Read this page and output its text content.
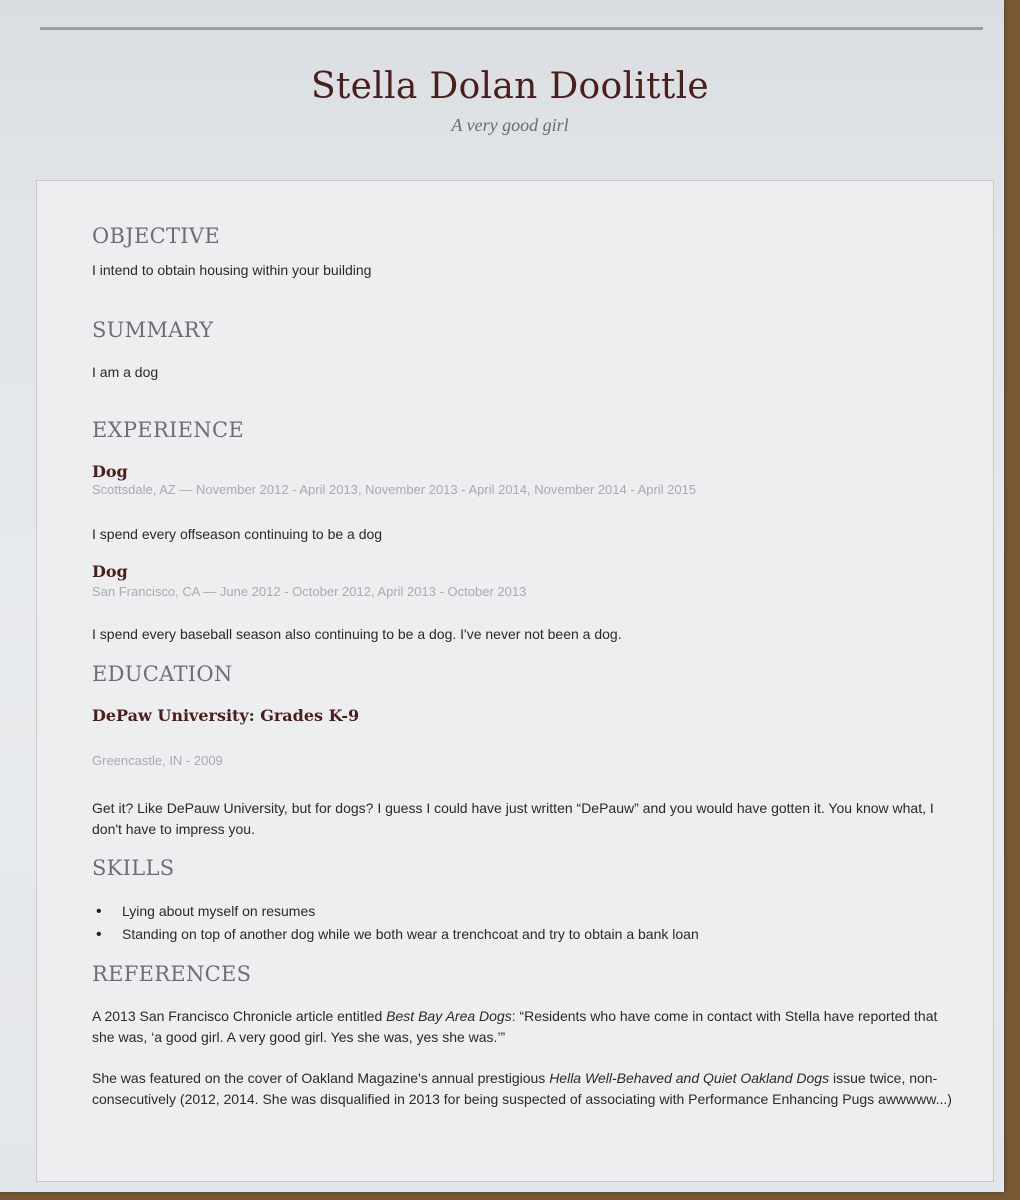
Stella Dolan Doolittle
A very good girl
OBJECTIVE
I intend to obtain housing within your building
SUMMARY
I am a dog
EXPERIENCE
Dog
Scottsdale, AZ — November 2012 - April 2013, November 2013 - April 2014, November 2014 - April 2015
I spend every offseason continuing to be a dog
Dog
San Francisco, CA — June 2012 - October 2012, April 2013 - October 2013
I spend every baseball season also continuing to be a dog. I've never not been a dog.
EDUCATION
DePaw University: Grades K-9
Greencastle, IN - 2009
Get it? Like DePauw University, but for dogs? I guess I could have just written “DePauw” and you would have gotten it. You know what, I don't have to impress you.
SKILLS
• Lying about myself on resumes
• Standing on top of another dog while we both wear a trenchcoat and try to obtain a bank loan
REFERENCES
A 2013 San Francisco Chronicle article entitled Best Bay Area Dogs: “Residents who have come in contact with Stella have reported that she was, ‘a good girl. A very good girl. Yes she was, yes she was.’”
She was featured on the cover of Oakland Magazine's annual prestigious Hella Well-Behaved and Quiet Oakland Dogs issue twice, non-consecutively (2012, 2014. She was disqualified in 2013 for being suspected of associating with Performance Enhancing Pugs awwwww...)
